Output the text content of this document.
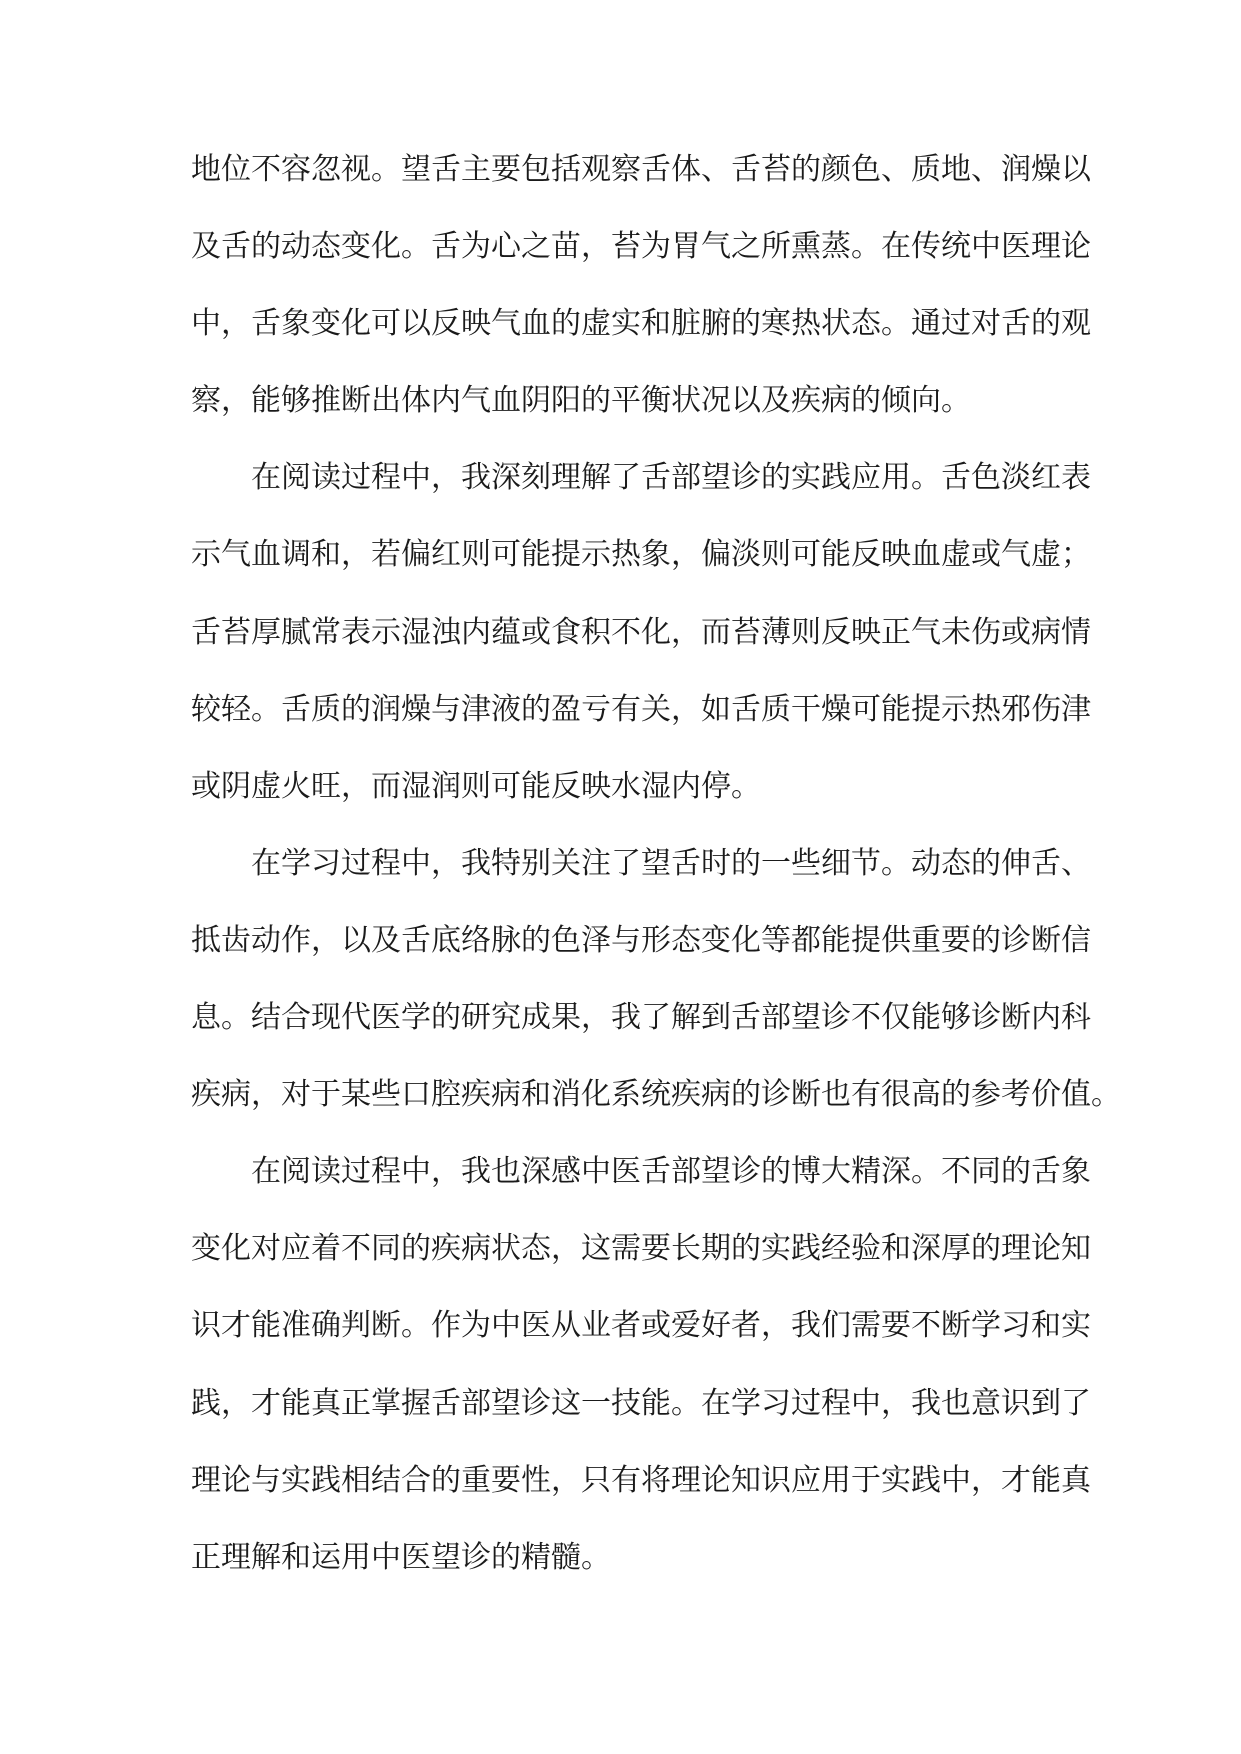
地位不容忽视。望舌主要包括观察舌体、舌苔的颜色、质地、润燥以
及舌的动态变化。舌为心之苗，苔为胃气之所熏蒸。在传统中医理论
中，舌象变化可以反映气血的虚实和脏腑的寒热状态。通过对舌的观
察，能够推断出体内气血阴阳的平衡状况以及疾病的倾向。
在阅读过程中，我深刻理解了舌部望诊的实践应用。舌色淡红表
示气血调和，若偏红则可能提示热象，偏淡则可能反映血虚或气虚；
舌苔厚腻常表示湿浊内蕴或食积不化，而苔薄则反映正气未伤或病情
较轻。舌质的润燥与津液的盈亏有关，如舌质干燥可能提示热邪伤津
或阴虚火旺，而湿润则可能反映水湿内停。
在学习过程中，我特别关注了望舌时的一些细节。动态的伸舌、
抵齿动作，以及舌底络脉的色泽与形态变化等都能提供重要的诊断信
息。结合现代医学的研究成果，我了解到舌部望诊不仅能够诊断内科
疾病，对于某些口腔疾病和消化系统疾病的诊断也有很高的参考价值。
在阅读过程中，我也深感中医舌部望诊的博大精深。不同的舌象
变化对应着不同的疾病状态，这需要长期的实践经验和深厚的理论知
识才能准确判断。作为中医从业者或爱好者，我们需要不断学习和实
践，才能真正掌握舌部望诊这一技能。在学习过程中，我也意识到了
理论与实践相结合的重要性，只有将理论知识应用于实践中，才能真
正理解和运用中医望诊的精髓。
